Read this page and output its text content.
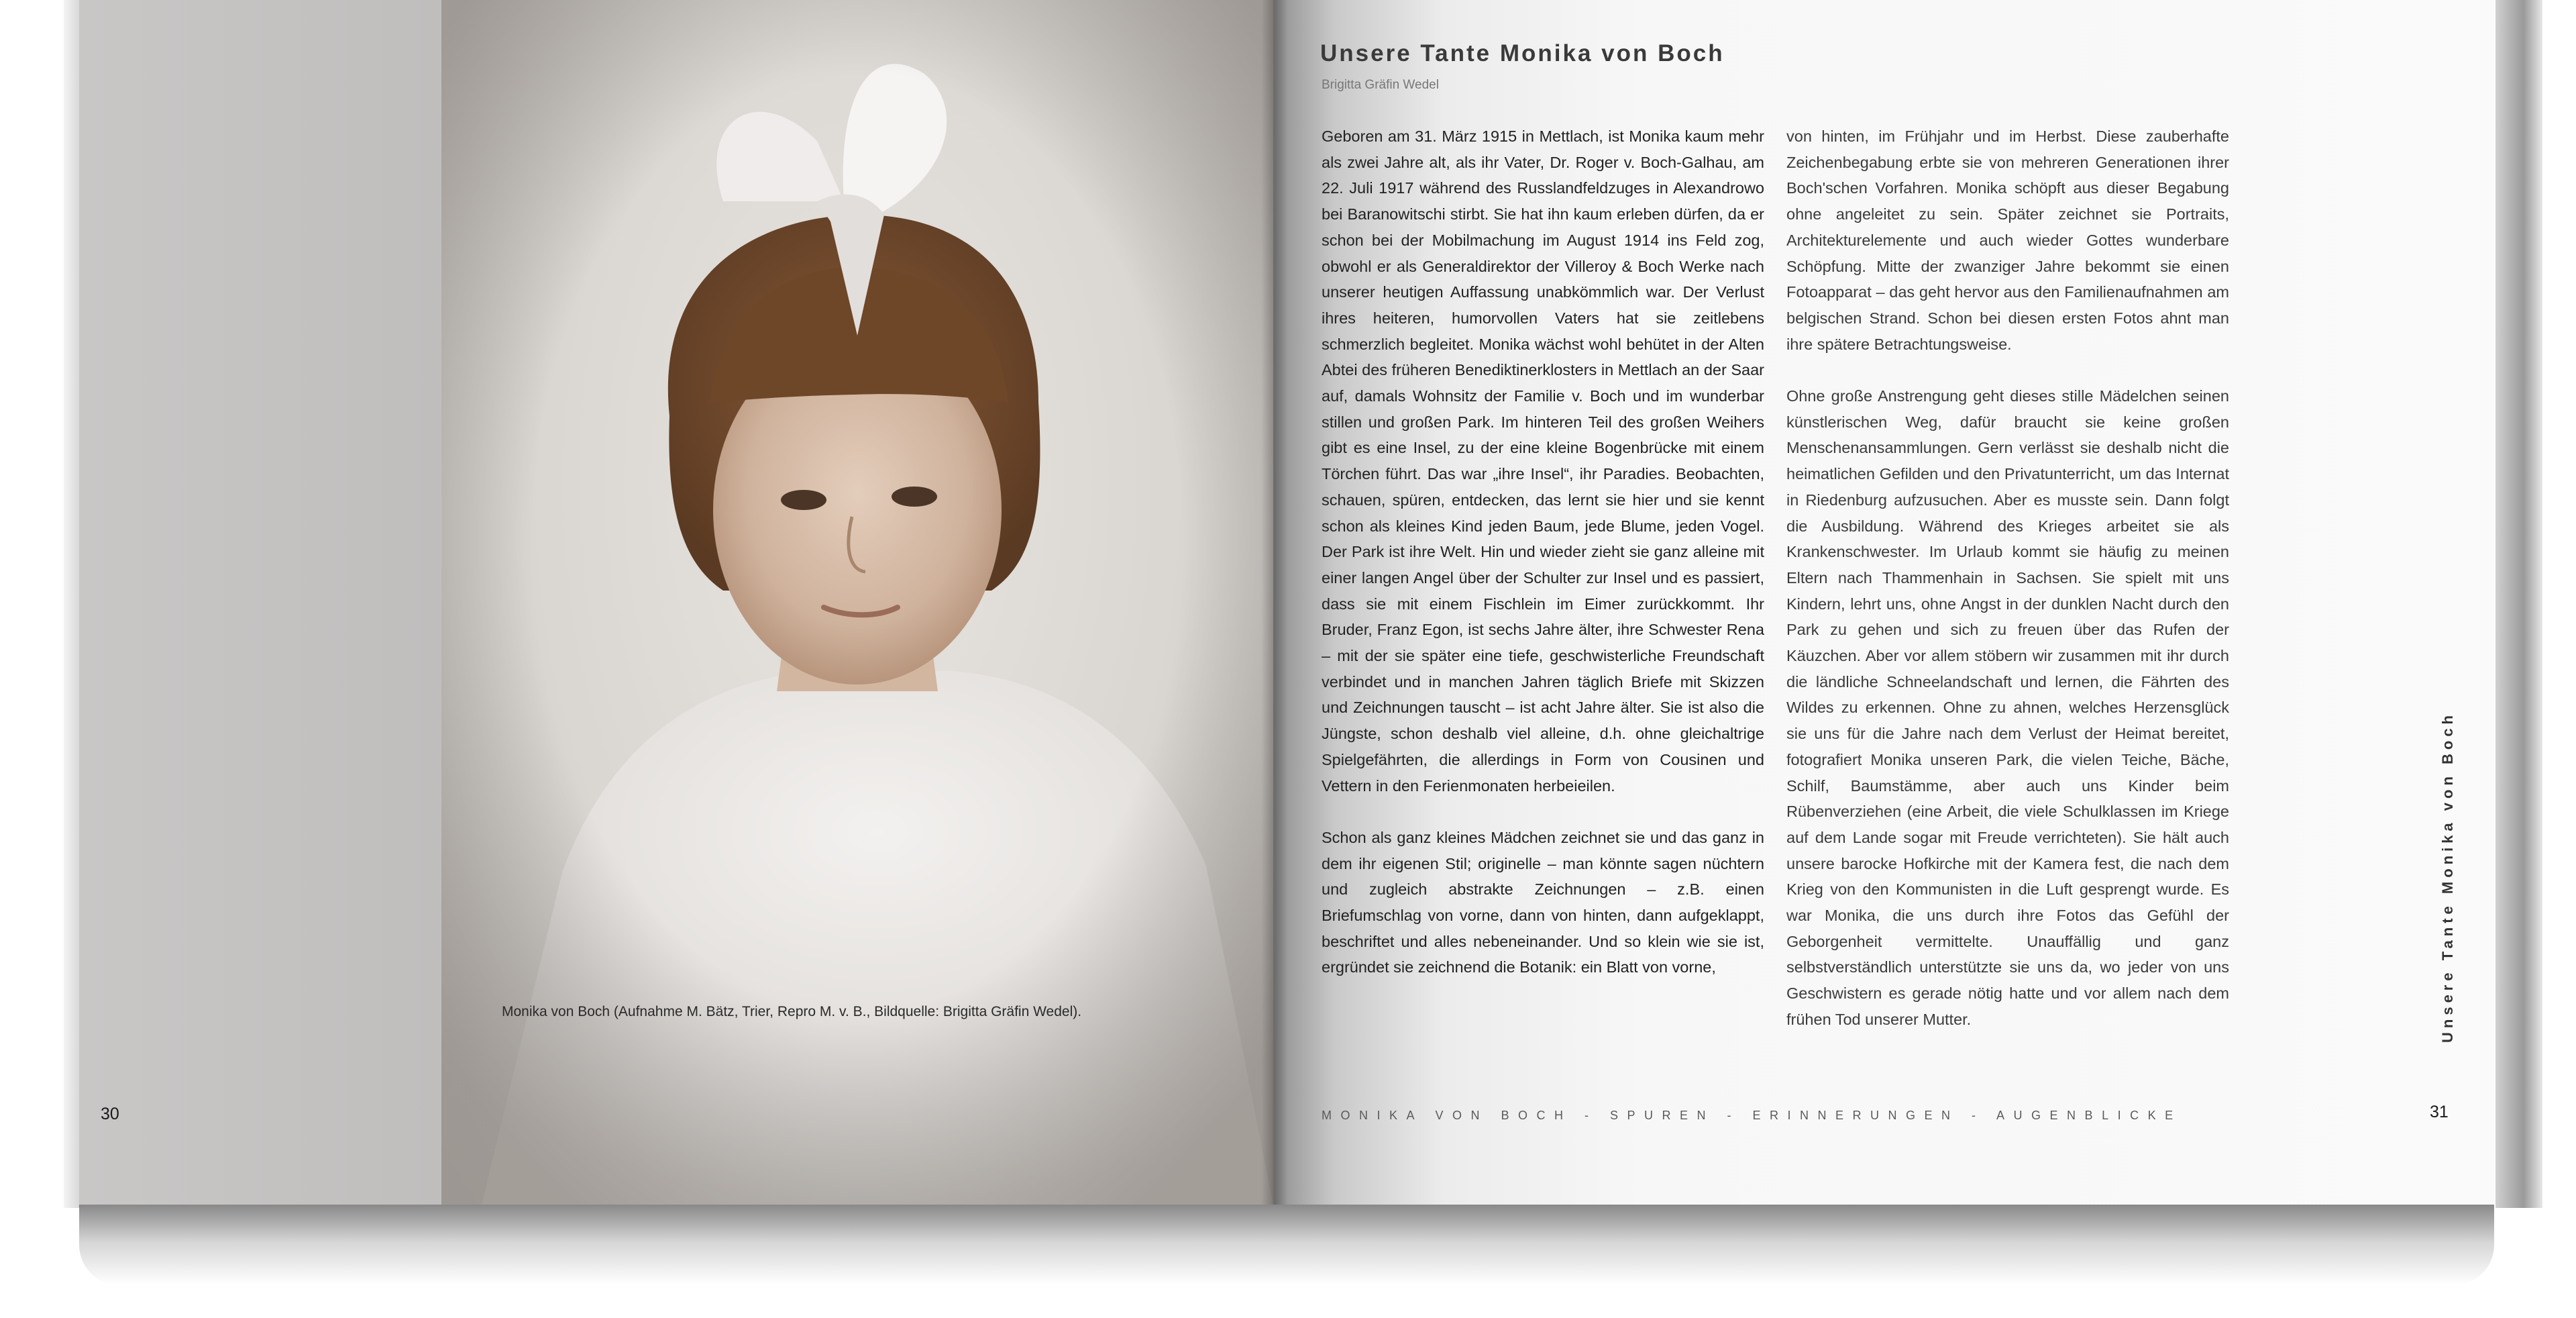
Monika von Boch (Aufnahme M. Bätz, Trier, Repro M. v. B., Bildquelle: Brigitta Gräfin Wedel).
30
Unsere Tante Monika von Boch
Brigitta Gräfin Wedel

Geboren am 31. März 1915 in Mettlach, ist Monika kaum mehr als zwei Jahre alt, als ihr Vater, Dr. Roger v. Boch-Galhau, am 22. Juli 1917 während des Russlandfeldzuges in Alexandrowo bei Baranowitschi stirbt. Sie hat ihn kaum erleben dürfen, da er schon bei der Mobilmachung im August 1914 ins Feld zog, obwohl er als Generaldirektor der Villeroy & Boch Werke nach unserer heutigen Auffassung unabkömmlich war. Der Verlust ihres heiteren, humorvollen Vaters hat sie zeitlebens schmerzlich begleitet. Monika wächst wohl behütet in der Alten Abtei des früheren Benediktinerklosters in Mettlach an der Saar auf, damals Wohnsitz der Familie v. Boch und im wunderbar stillen und großen Park. Im hinteren Teil des großen Weihers gibt es eine Insel, zu der eine kleine Bogenbrücke mit einem Törchen führt. Das war „ihre Insel“, ihr Paradies. Beobachten, schauen, spüren, entdecken, das lernt sie hier und sie kennt schon als kleines Kind jeden Baum, jede Blume, jeden Vogel. Der Park ist ihre Welt. Hin und wieder zieht sie ganz alleine mit einer langen Angel über der Schulter zur Insel und es passiert, dass sie mit einem Fischlein im Eimer zurückkommt. Ihr Bruder, Franz Egon, ist sechs Jahre älter, ihre Schwester Rena – mit der sie später eine tiefe, geschwisterliche Freundschaft verbindet und in manchen Jahren täglich Briefe mit Skizzen und Zeichnungen tauscht – ist acht Jahre älter. Sie ist also die Jüngste, schon deshalb viel alleine, d.h. ohne gleichaltrige Spielgefährten, die allerdings in Form von Cousinen und Vettern in den Ferienmonaten herbeieilen.

Schon als ganz kleines Mädchen zeichnet sie und das ganz in dem ihr eigenen Stil; originelle – man könnte sagen nüchtern und zugleich abstrakte Zeichnungen – z.B. einen Briefumschlag von vorne, dann von hinten, dann aufgeklappt, beschriftet und alles nebeneinander. Und so klein wie sie ist, ergründet sie zeichnend die Botanik: ein Blatt von vorne,

von hinten, im Frühjahr und im Herbst. Diese zauberhafte Zeichenbegabung erbte sie von mehreren Generationen ihrer Boch'schen Vorfahren. Monika schöpft aus dieser Begabung ohne angeleitet zu sein. Später zeichnet sie Portraits, Architekturelemente und auch wieder Gottes wunderbare Schöpfung. Mitte der zwanziger Jahre bekommt sie einen Fotoapparat – das geht hervor aus den Familienaufnahmen am belgischen Strand. Schon bei diesen ersten Fotos ahnt man ihre spätere Betrachtungsweise.

Ohne große Anstrengung geht dieses stille Mädelchen seinen künstlerischen Weg, dafür braucht sie keine großen Menschenansammlungen. Gern verlässt sie deshalb nicht die heimatlichen Gefilden und den Privatunterricht, um das Internat in Riedenburg aufzusuchen. Aber es musste sein. Dann folgt die Ausbildung. Während des Krieges arbeitet sie als Krankenschwester. Im Urlaub kommt sie häufig zu meinen Eltern nach Thammenhain in Sachsen. Sie spielt mit uns Kindern, lehrt uns, ohne Angst in der dunklen Nacht durch den Park zu gehen und sich zu freuen über das Rufen der Käuzchen. Aber vor allem stöbern wir zusammen mit ihr durch die ländliche Schneelandschaft und lernen, die Fährten des Wildes zu erkennen. Ohne zu ahnen, welches Herzensglück sie uns für die Jahre nach dem Verlust der Heimat bereitet, fotografiert Monika unseren Park, die vielen Teiche, Bäche, Schilf, Baumstämme, aber auch uns Kinder beim Rübenverziehen (eine Arbeit, die viele Schulklassen im Kriege auf dem Lande sogar mit Freude verrichteten). Sie hält auch unsere barocke Hofkirche mit der Kamera fest, die nach dem Krieg von den Kommunisten in die Luft gesprengt wurde. Es war Monika, die uns durch ihre Fotos das Gefühl der Geborgenheit vermittelte. Unauffällig und ganz selbstverständlich unterstützte sie uns da, wo jeder von uns Geschwistern es gerade nötig hatte und vor allem nach dem frühen Tod unserer Mutter.

MONIKA VON BOCH - SPUREN - ERINNERUNGEN - AUGENBLICKE
Unsere Tante Monika von Boch
31
